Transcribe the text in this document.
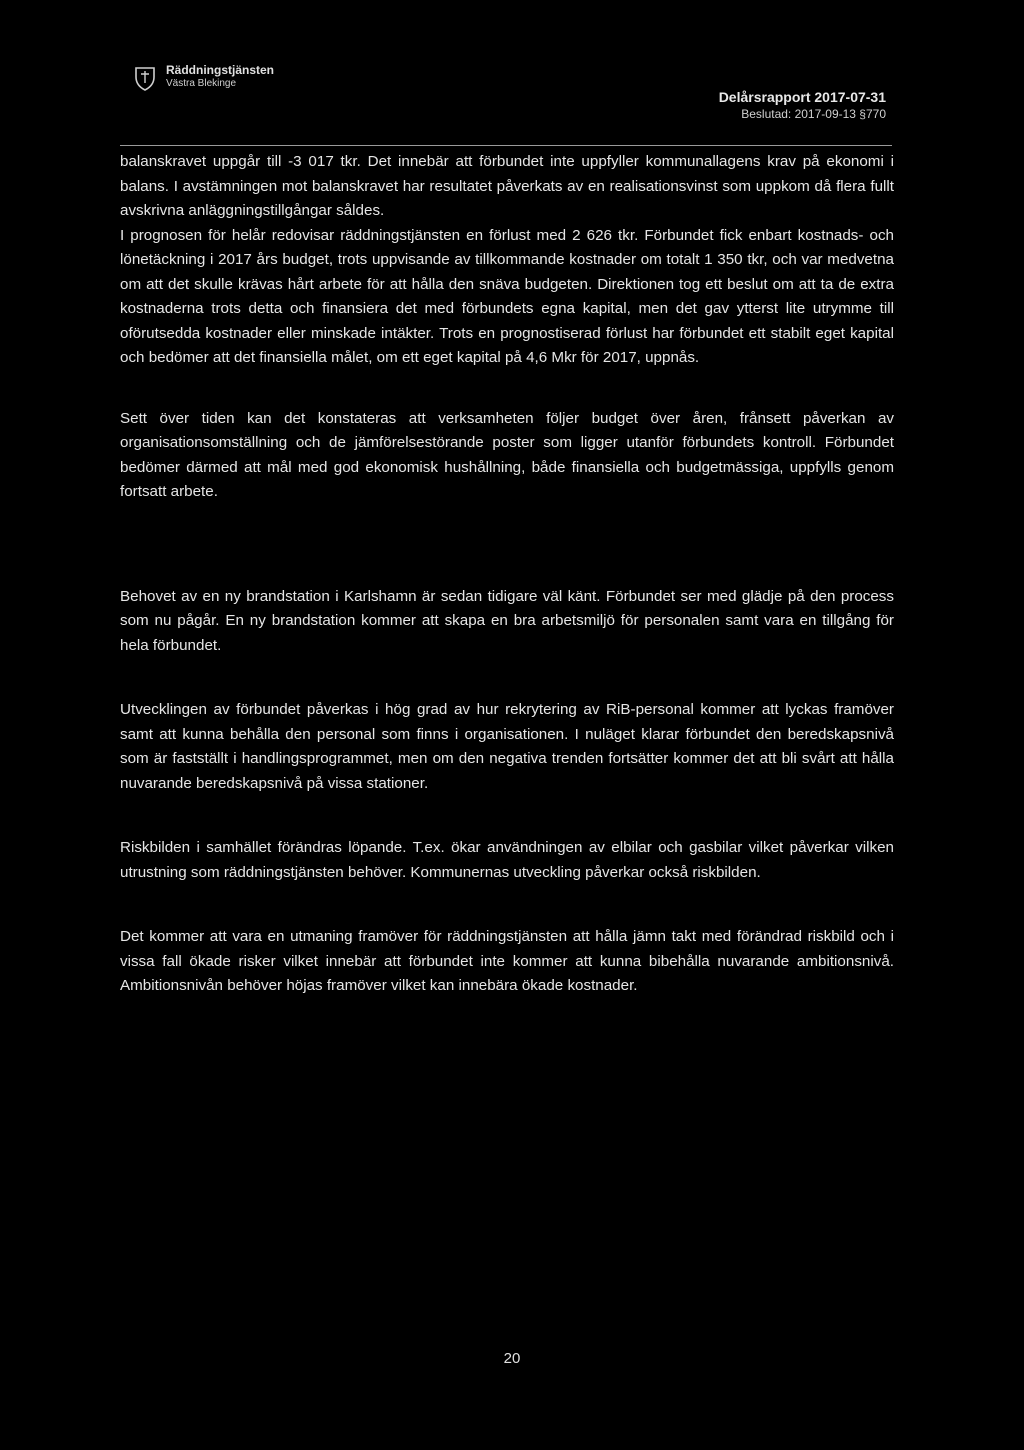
Räddningstjänsten
Västra Blekinge
Delårsrapport 2017-07-31
Beslutad: 2017-09-13 §770

balanskravet uppgår till -3 017 tkr. Det innebär att förbundet inte uppfyller kommunallagens krav på ekonomi i balans. I avstämningen mot balanskravet har resultatet påverkats av en realisationsvinst som uppkom då flera fullt avskrivna anläggningstillgångar såldes.

I prognosen för helår redovisar räddningstjänsten en förlust med 2 626 tkr. Förbundet fick enbart kostnads- och lönetäckning i 2017 års budget, trots uppvisande av tillkommande kostnader om totalt 1 350 tkr, och var medvetna om att det skulle krävas hårt arbete för att hålla den snäva budgeten. Direktionen tog ett beslut om att ta de extra kostnaderna trots detta och finansiera det med förbundets egna kapital, men det gav ytterst lite utrymme till oförutsedda kostnader eller minskade intäkter. Trots en prognostiserad förlust har förbundet ett stabilt eget kapital och bedömer att det finansiella målet, om ett eget kapital på 4,6 Mkr för 2017, uppnås.

Sett över tiden kan det konstateras att verksamheten följer budget över åren, frånsett påverkan av organisationsomställning och de jämförelsestörande poster som ligger utanför förbundets kontroll. Förbundet bedömer därmed att mål med god ekonomisk hushållning, både finansiella och budgetmässiga, uppfylls genom fortsatt arbete.

Behovet av en ny brandstation i Karlshamn är sedan tidigare väl känt. Förbundet ser med glädje på den process som nu pågår. En ny brandstation kommer att skapa en bra arbetsmiljö för personalen samt vara en tillgång för hela förbundet.

Utvecklingen av förbundet påverkas i hög grad av hur rekrytering av RiB-personal kommer att lyckas framöver samt att kunna behålla den personal som finns i organisationen. I nuläget klarar förbundet den beredskapsnivå som är fastställt i handlingsprogrammet, men om den negativa trenden fortsätter kommer det att bli svårt att hålla nuvarande beredskapsnivå på vissa stationer.

Riskbilden i samhället förändras löpande. T.ex. ökar användningen av elbilar och gasbilar vilket påverkar vilken utrustning som räddningstjänsten behöver. Kommunernas utveckling påverkar också riskbilden.

Det kommer att vara en utmaning framöver för räddningstjänsten att hålla jämn takt med förändrad riskbild och i vissa fall ökade risker vilket innebär att förbundet inte kommer att kunna bibehålla nuvarande ambitionsnivå. Ambitionsnivån behöver höjas framöver vilket kan innebära ökade kostnader.

20
